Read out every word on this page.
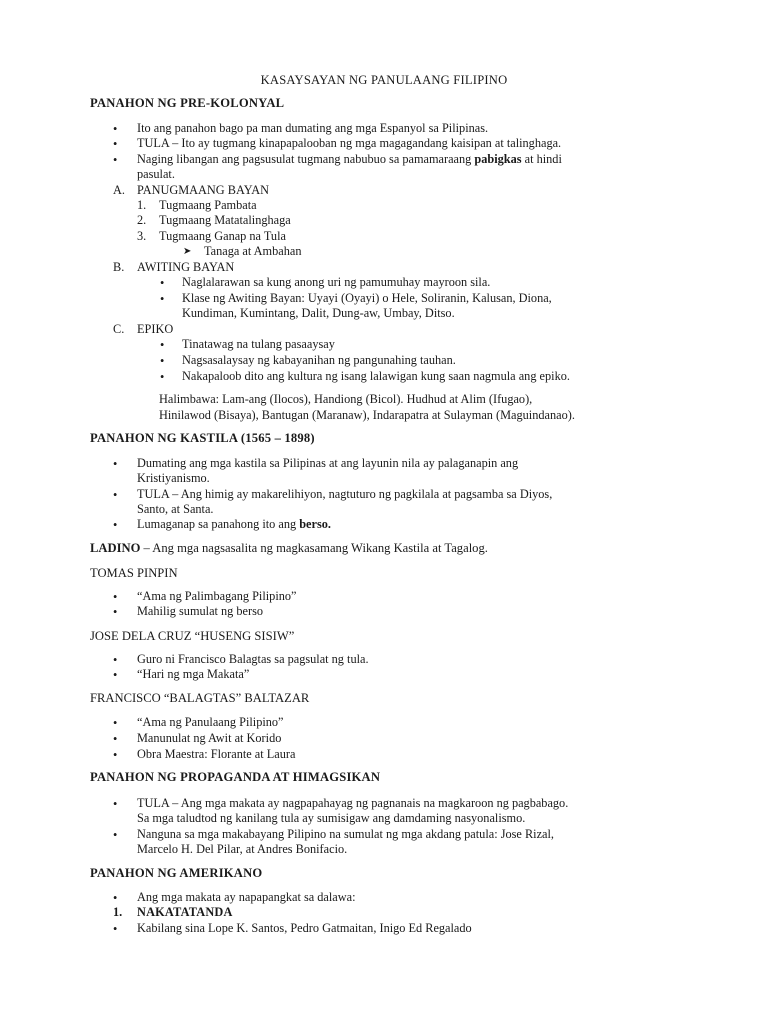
KASAYSAYAN NG PANULAANG FILIPINO
PANAHON NG PRE-KOLONYAL
• Ito ang panahon bago pa man dumating ang mga Espanyol sa Pilipinas.
• TULA – Ito ay tugmang kinapapalooban ng mga magagandang kaisipan at talinghaga.
• Naging libangan ang pagsusulat tugmang nabubuo sa pamamaraang pabigkas at hindi
pasulat.
A. PANUGMAANG BAYAN
1. Tugmaang Pambata
2. Tugmaang Matatalinghaga
3. Tugmaang Ganap na Tula
➤ Tanaga at Ambahan
B. AWITING BAYAN
• Naglalarawan sa kung anong uri ng pamumuhay mayroon sila.
• Klase ng Awiting Bayan: Uyayi (Oyayi) o Hele, Soliranin, Kalusan, Diona,
Kundiman, Kumintang, Dalit, Dung-aw, Umbay, Ditso.
C. EPIKO
• Tinatawag na tulang pasaaysay
• Nagsasalaysay ng kabayanihan ng pangunahing tauhan.
• Nakapaloob dito ang kultura ng isang lalawigan kung saan nagmula ang epiko.
Halimbawa: Lam-ang (Ilocos), Handiong (Bicol). Hudhud at Alim (Ifugao),
Hinilawod (Bisaya), Bantugan (Maranaw), Indarapatra at Sulayman (Maguindanao).
PANAHON NG KASTILA (1565 – 1898)
• Dumating ang mga kastila sa Pilipinas at ang layunin nila ay palaganapin ang
Kristiyanismo.
• TULA – Ang himig ay makarelihiyon, nagtuturo ng pagkilala at pagsamba sa Diyos,
Santo, at Santa.
• Lumaganap sa panahong ito ang berso.
LADINO – Ang mga nagsasalita ng magkasamang Wikang Kastila at Tagalog.
TOMAS PINPIN
• “Ama ng Palimbagang Pilipino”
• Mahilig sumulat ng berso
JOSE DELA CRUZ “HUSENG SISIW”
• Guro ni Francisco Balagtas sa pagsulat ng tula.
• “Hari ng mga Makata”
FRANCISCO “BALAGTAS” BALTAZAR
• “Ama ng Panulaang Pilipino”
• Manunulat ng Awit at Korido
• Obra Maestra: Florante at Laura
PANAHON NG PROPAGANDA AT HIMAGSIKAN
• TULA – Ang mga makata ay nagpapahayag ng pagnanais na magkaroon ng pagbabago.
Sa mga taludtod ng kanilang tula ay sumisigaw ang damdaming nasyonalismo.
• Nanguna sa mga makabayang Pilipino na sumulat ng mga akdang patula: Jose Rizal,
Marcelo H. Del Pilar, at Andres Bonifacio.
PANAHON NG AMERIKANO
• Ang mga makata ay napapangkat sa dalawa:
1. NAKATATANDA
• Kabilang sina Lope K. Santos, Pedro Gatmaitan, Inigo Ed Regalado
